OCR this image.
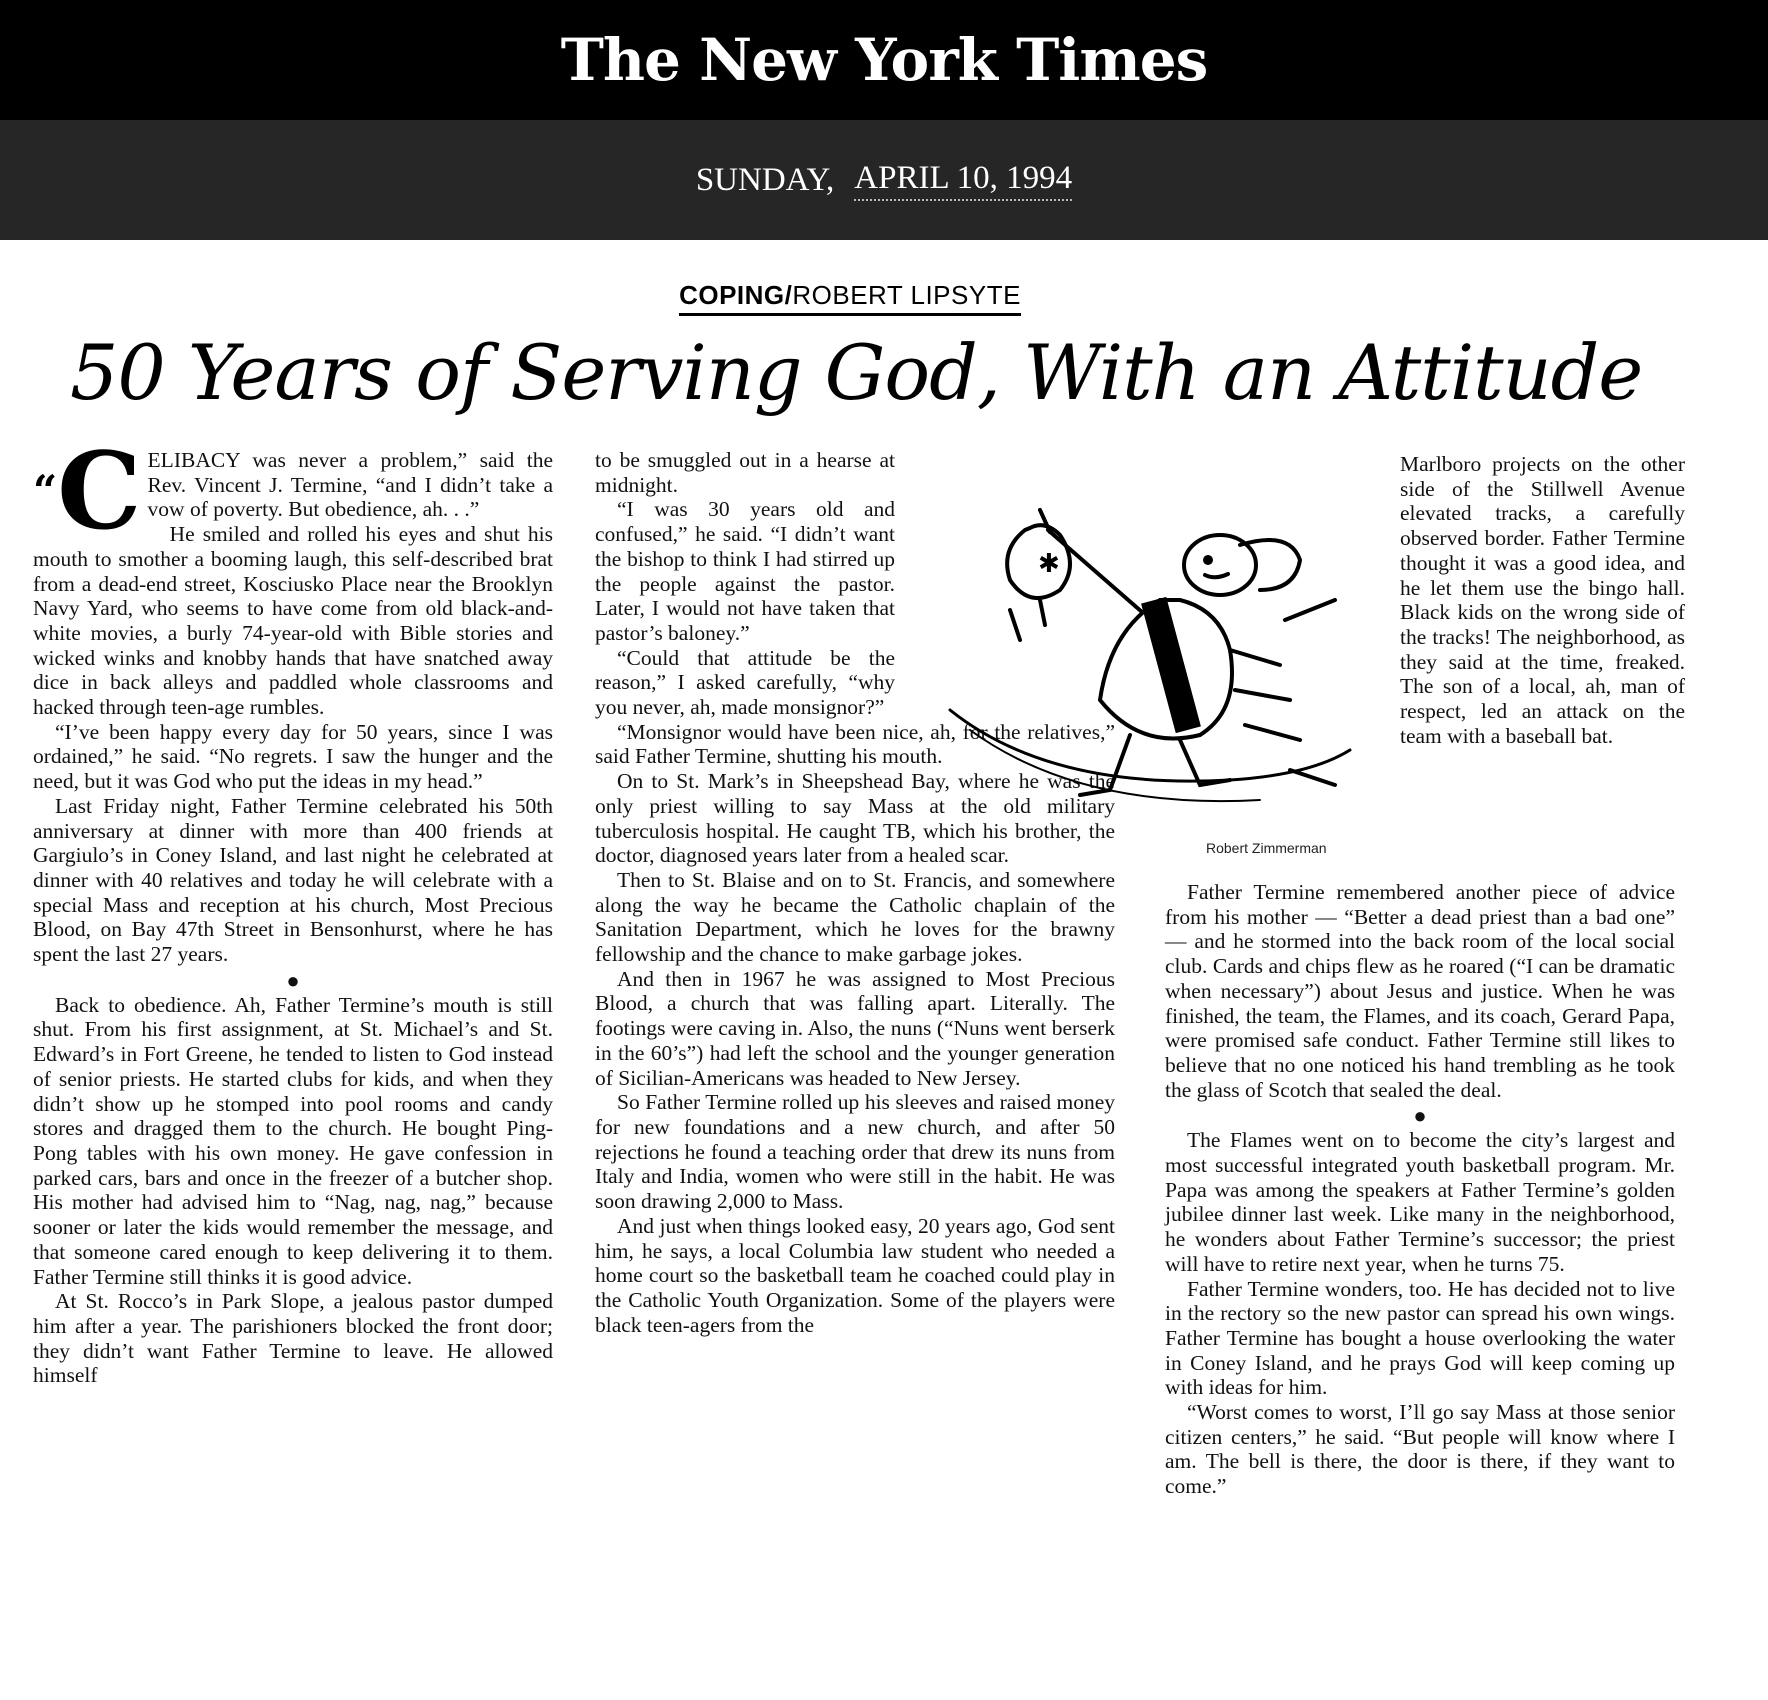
The New York Times
SUNDAY, APRIL 10, 1994
COPING/ROBERT LIPSYTE
50 Years of Serving God, With an Attitude

“C ELIBACY was never a problem,” said the Rev. Vincent J. Termine, “and I didn’t take a vow of poverty. But obedience, ah. . .”

He smiled and rolled his eyes and shut his mouth to smother a booming laugh, this self-described brat from a dead-end street, Kosciusko Place near the Brooklyn Navy Yard, who seems to have come from old black-and-white movies, a burly 74-year-old with Bible stories and wicked winks and knobby hands that have snatched away dice in back alleys and paddled whole classrooms and hacked through teen-age rumbles.

“I’ve been happy every day for 50 years, since I was ordained,” he said. “No regrets. I saw the hunger and the need, but it was God who put the ideas in my head.”

Last Friday night, Father Termine celebrated his 50th anniversary at dinner with more than 400 friends at Gargiulo’s in Coney Island, and last night he celebrated at dinner with 40 relatives and today he will celebrate with a special Mass and reception at his church, Most Precious Blood, on Bay 47th Street in Bensonhurst, where he has spent the last 27 years.

●

Back to obedience. Ah, Father Termine’s mouth is still shut. From his first assignment, at St. Michael’s and St. Edward’s in Fort Greene, he tended to listen to God instead of senior priests. He started clubs for kids, and when they didn’t show up he stomped into pool rooms and candy stores and dragged them to the church. He bought Ping-Pong tables with his own money. He gave confession in parked cars, bars and once in the freezer of a butcher shop. His mother had advised him to “Nag, nag, nag,” because sooner or later the kids would remember the message, and that someone cared enough to keep delivering it to them. Father Termine still thinks it is good advice.

At St. Rocco’s in Park Slope, a jealous pastor dumped him after a year. The parishioners blocked the front door; they didn’t want Father Termine to leave. He allowed himself

to be smuggled out in a hearse at midnight.

“I was 30 years old and confused,” he said. “I didn’t want the bishop to think I had stirred up the people against the pastor. Later, I would not have taken that pastor’s baloney.”

“Could that attitude be the reason,” I asked carefully, “why you never, ah, made monsignor?”

“Monsignor would have been nice, ah, for the relatives,” said Father Termine, shutting his mouth.

On to St. Mark’s in Sheepshead Bay, where he was the only priest willing to say Mass at the old military tuberculosis hospital. He caught TB, which his brother, the doctor, diagnosed years later from a healed scar.

Then to St. Blaise and on to St. Francis, and somewhere along the way he became the Catholic chaplain of the Sanitation Department, which he loves for the brawny fellowship and the chance to make garbage jokes.

And then in 1967 he was assigned to Most Precious Blood, a church that was falling apart. Literally. The footings were caving in. Also, the nuns (“Nuns went berserk in the 60’s”) had left the school and the younger generation of Sicilian-Americans was headed to New Jersey.

So Father Termine rolled up his sleeves and raised money for new foundations and a new church, and after 50 rejections he found a teaching order that drew its nuns from Italy and India, women who were still in the habit. He was soon drawing 2,000 to Mass.

And just when things looked easy, 20 years ago, God sent him, he says, a local Columbia law student who needed a home court so the basketball team he coached could play in the Catholic Youth Organization. Some of the players were black teen-agers from the

✱
Robert Zimmerman

Marlboro projects on the other side of the Stillwell Avenue elevated tracks, a carefully observed border. Father Termine thought it was a good idea, and he let them use the bingo hall. Black kids on the wrong side of the tracks! The neighborhood, as they said at the time, freaked. The son of a local, ah, man of respect, led an attack on the team with a baseball bat.

Father Termine remembered another piece of advice from his mother — “Better a dead priest than a bad one” — and he stormed into the back room of the local social club. Cards and chips flew as he roared (“I can be dramatic when necessary”) about Jesus and justice. When he was finished, the team, the Flames, and its coach, Gerard Papa, were promised safe conduct. Father Termine still likes to believe that no one noticed his hand trembling as he took the glass of Scotch that sealed the deal.

●

The Flames went on to become the city’s largest and most successful integrated youth basketball program. Mr. Papa was among the speakers at Father Termine’s golden jubilee dinner last week. Like many in the neighborhood, he wonders about Father Termine’s successor; the priest will have to retire next year, when he turns 75.

Father Termine wonders, too. He has decided not to live in the rectory so the new pastor can spread his own wings. Father Termine has bought a house overlooking the water in Coney Island, and he prays God will keep coming up with ideas for him.

“Worst comes to worst, I’ll go say Mass at those senior citizen centers,” he said. “But people will know where I am. The bell is there, the door is there, if they want to come.”
